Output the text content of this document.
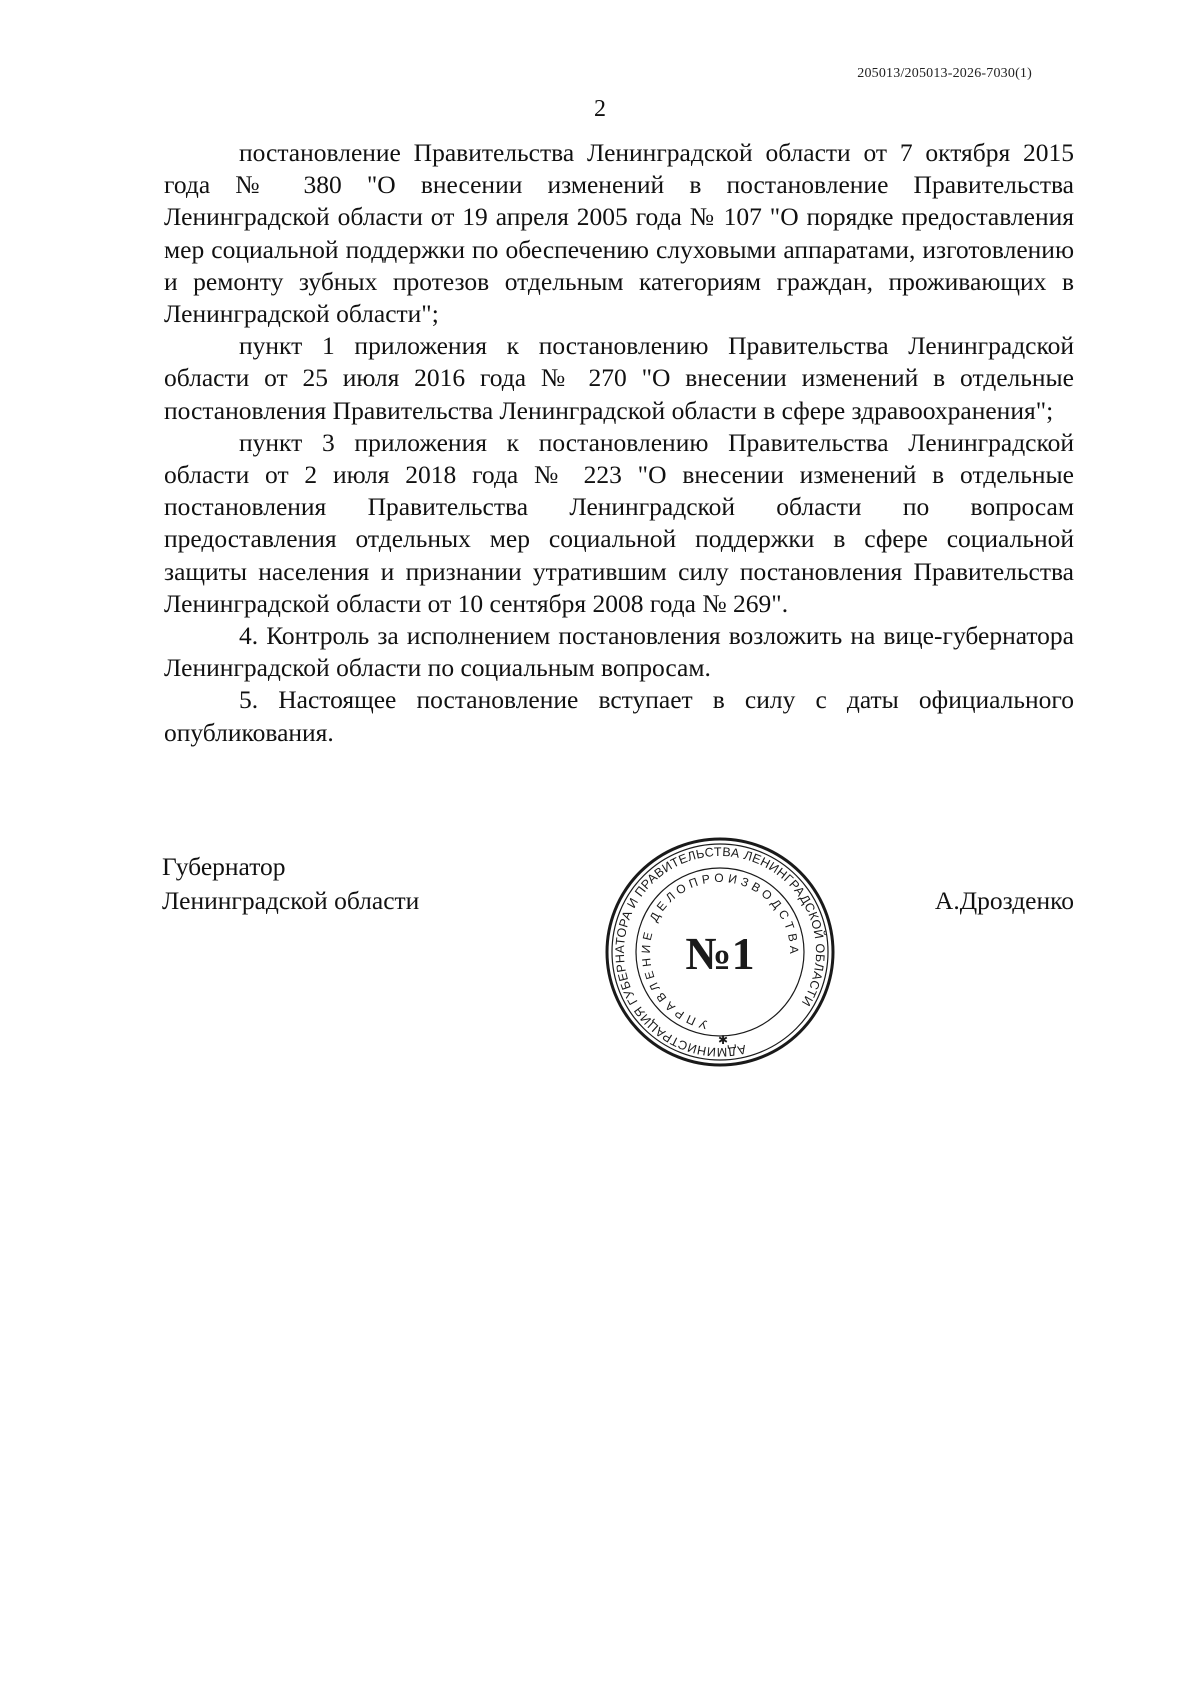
205013/205013-2026-7030(1)
2

постановление Правительства Ленинградской области от 7 октября 2015 года № 380 "О внесении изменений в постановление Правительства Ленинградской области от 19 апреля 2005 года № 107 "О порядке предоставления мер социальной поддержки по обеспечению слуховыми аппаратами, изготовлению и ремонту зубных протезов отдельным категориям граждан, проживающих в Ленинградской области";

пункт 1 приложения к постановлению Правительства Ленинградской области от 25 июля 2016 года № 270 "О внесении изменений в отдельные постановления Правительства Ленинградской области в сфере здравоохранения";

пункт 3 приложения к постановлению Правительства Ленинградской области от 2 июля 2018 года № 223 "О внесении изменений в отдельные постановления Правительства Ленинградской области по вопросам предоставления отдельных мер социальной поддержки в сфере социальной защиты населения и признании утратившим силу постановления Правительства Ленинградской области от 10 сентября 2008 года № 269".

4. Контроль за исполнением постановления возложить на вице-губернатора Ленинградской области по социальным вопросам.

5. Настоящее постановление вступает в силу с даты официального опубликования.

Губернатор
Ленинградской области	А.Дрозденко
АДМИНИСТРАЦИЯ ГУБЕРНАТОРА И ПРАВИТЕЛЬСТВА ЛЕНИНГРАДСКОЙ ОБЛАСТИ
УПРАВЛЕНИЕ ДЕЛОПРОИЗВОДСТВА
✱
№1
